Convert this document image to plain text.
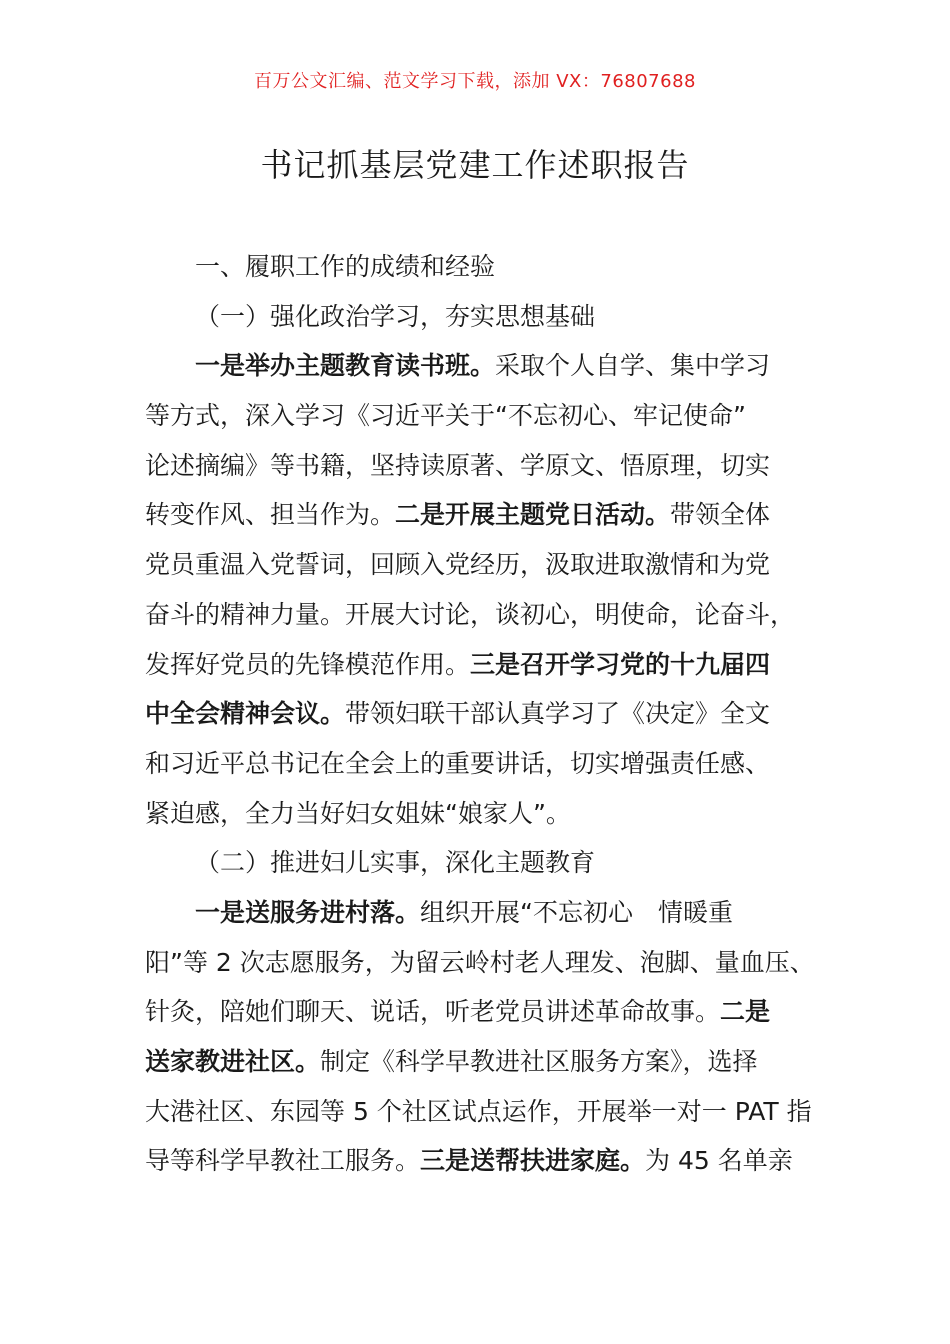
百万公文汇编、范文学习下载，添加 VX：76807688
书记抓基层党建工作述职报告
一、履职工作的成绩和经验
（一）强化政治学习，夯实思想基础
一是举办主题教育读书班。采取个人自学、集中学习
等方式，深入学习《习近平关于“不忘初心、牢记使命”
论述摘编》等书籍，坚持读原著、学原文、悟原理，切实
转变作风、担当作为。二是开展主题党日活动。带领全体
党员重温入党誓词，回顾入党经历，汲取进取激情和为党
奋斗的精神力量。开展大讨论，谈初心，明使命，论奋斗，
发挥好党员的先锋模范作用。三是召开学习党的十九届四
中全会精神会议。带领妇联干部认真学习了《决定》全文
和习近平总书记在全会上的重要讲话，切实增强责任感、
紧迫感，全力当好妇女姐妹“娘家人”。
（二）推进妇儿实事，深化主题教育
一是送服务进村落。组织开展“不忘初心　情暖重
阳”等 2 次志愿服务，为留云岭村老人理发、泡脚、量血压、
针灸，陪她们聊天、说话，听老党员讲述革命故事。二是
送家教进社区。制定《科学早教进社区服务方案》，选择
大港社区、东园等 5 个社区试点运作，开展举一对一 PAT 指
导等科学早教社工服务。三是送帮扶进家庭。为 45 名单亲
